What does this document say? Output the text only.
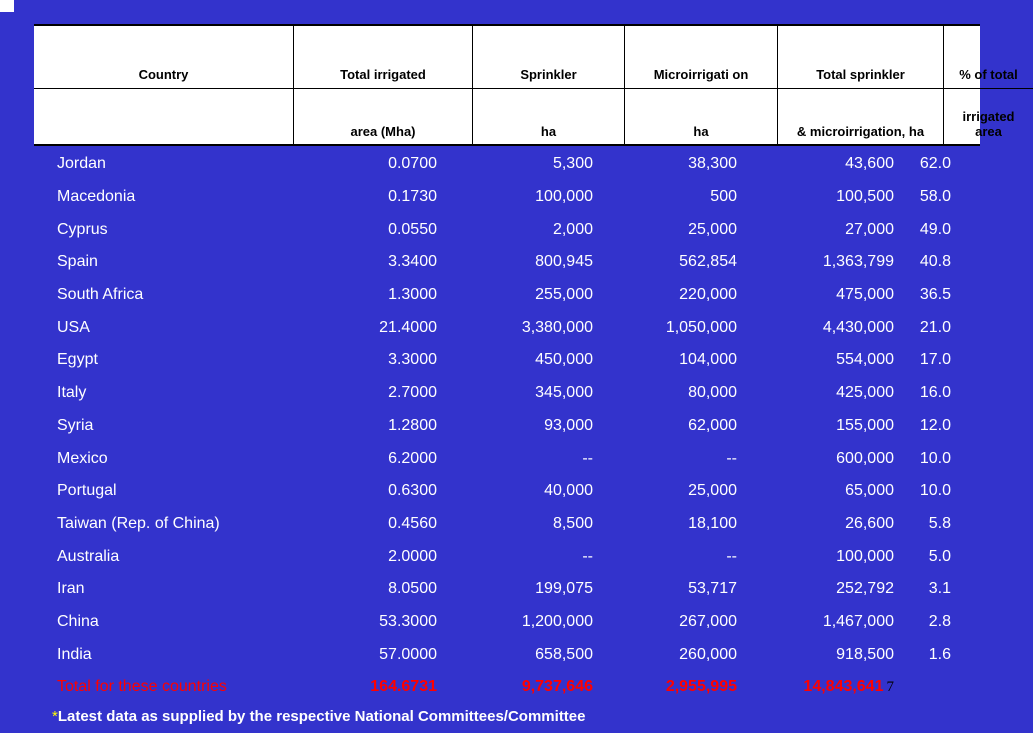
Country	Total irrigated	Sprinkler	Microirrigati on	Total sprinkler	% of total
	area (Mha)	ha	ha	& microirrigation, ha	irrigated area
Jordan	0.0700	5,300	38,300	43,600	62.0
Macedonia	0.1730	100,000	500	100,500	58.0
Cyprus	0.0550	2,000	25,000	27,000	49.0
Spain	3.3400	800,945	562,854	1,363,799	40.8
South Africa	1.3000	255,000	220,000	475,000	36.5
USA	21.4000	3,380,000	1,050,000	4,430,000	21.0
Egypt	3.3000	450,000	104,000	554,000	17.0
Italy	2.7000	345,000	80,000	425,000	16.0
Syria	1.2800	93,000	62,000	155,000	12.0
Mexico	6.2000	--	--	600,000	10.0
Portugal	0.6300	40,000	25,000	65,000	10.0
Taiwan (Rep. of China)	0.4560	8,500	18,100	26,600	5.8
Australia	2.0000	--	--	100,000	5.0
Iran	8.0500	199,075	53,717	252,792	3.1
China	53.3000	1,200,000	267,000	1,467,000	2.8
India	57.0000	658,500	260,000	918,500	1.6
Total for these countries	164.6731	9,737,646	2,955,995	14,843,641 7
*Latest data as supplied by the respective National Committees/Committee
